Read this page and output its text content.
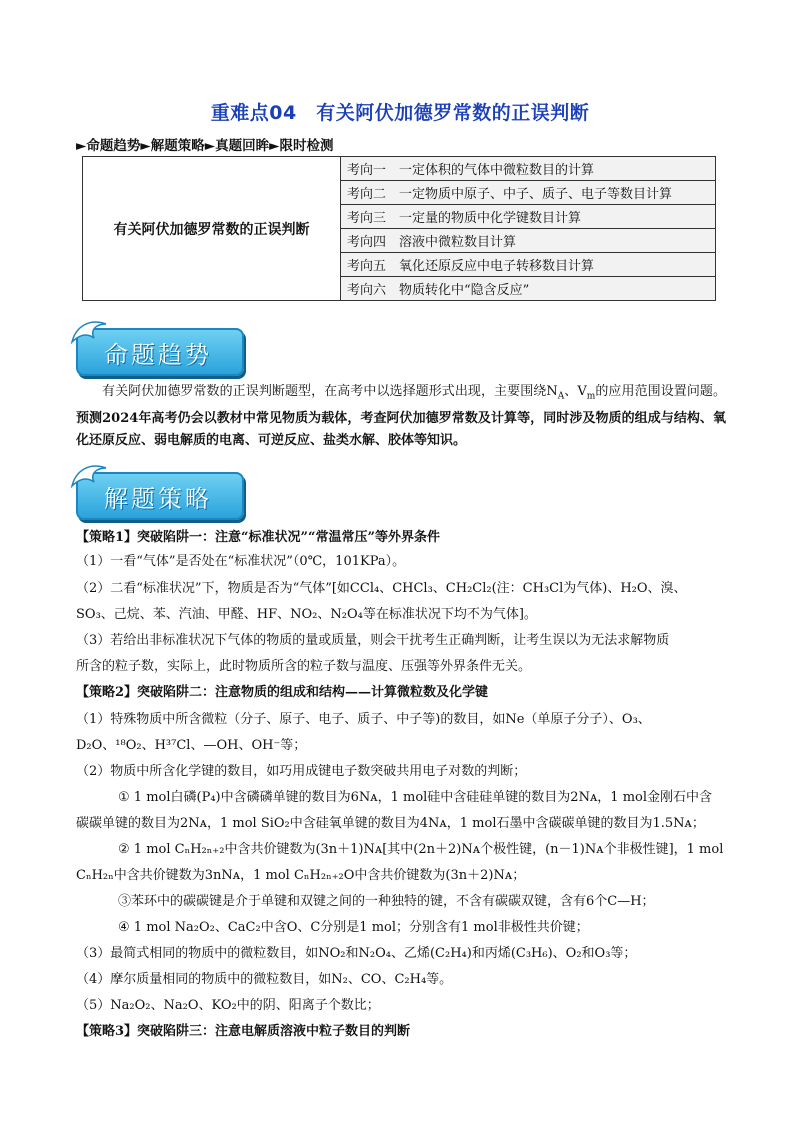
重难点04　有关阿伏加德罗常数的正误判断
►命题趋势►解题策略►真题回眸►限时检测
有关阿伏加德罗常数的正误判断	考向一　一定体积的气体中微粒数目的计算
考向二　一定物质中原子、中子、质子、电子等数目计算
考向三　一定量的物质中化学键数目计算
考向四　溶液中微粒数目计算
考向五　氧化还原反应中电子转移数目计算
考向六　物质转化中“隐含反应”
命题趋势
有关阿伏加德罗常数的正误判断题型，在高考中以选择题形式出现，主要围绕$N_A$、$V_m$的应用范围设置问题。预测2024年高考仍会以教材中常见物质为载体，考查阿伏加德罗常数及计算等，同时涉及物质的组成与结构、氧化还原反应、弱电解质的电离、可逆反应、盐类水解、胶体等知识。
解题策略
【策略1】突破陷阱一：注意“标准状况”“常温常压”等外界条件
（1）一看“气体”是否处在“标准状况”（0℃，101KPa）。
（2）二看“标准状况”下，物质是否为“气体”[如CCl₄、CHCl₃、CH₂Cl₂(注：CH₃Cl为气体)、H₂O、溴、
SO₃、己烷、苯、汽油、甲醛、HF、NO₂、N₂O₄等在标准状况下均不为气体]。
（3）若给出非标准状况下气体的物质的量或质量，则会干扰考生正确判断，让考生误以为无法求解物质
所含的粒子数，实际上，此时物质所含的粒子数与温度、压强等外界条件无关。
【策略2】突破陷阱二：注意物质的组成和结构——计算微粒数及化学键
（1）特殊物质中所含微粒（分子、原子、电子、质子、中子等)的数目，如Ne（单原子分子）、O₃、
D₂O、¹⁸O₂、H³⁷Cl、—OH、OH⁻等；
（2）物质中所含化学键的数目，如巧用成键电子数突破共用电子对数的判断；
① 1 mol白磷(P₄)中含磷磷单键的数目为6Nᴀ，1 mol硅中含硅硅单键的数目为2Nᴀ，1 mol金刚石中含
碳碳单键的数目为2Nᴀ，1 mol SiO₂中含硅氧单键的数目为4Nᴀ，1 mol石墨中含碳碳单键的数目为1.5Nᴀ；
② 1 mol CₙH₂ₙ₊₂中含共价键数为(3n＋1)Nᴀ[其中(2n＋2)Nᴀ个极性键，(n－1)Nᴀ个非极性键]，1 mol
CₙH₂ₙ中含共价键数为3nNᴀ，1 mol CₙH₂ₙ₊₂O中含共价键数为(3n＋2)Nᴀ；
③苯环中的碳碳键是介于单键和双键之间的一种独特的键，不含有碳碳双键，含有6个C—H；
④ 1 mol Na₂O₂、CaC₂中含O、C分别是1 mol；分别含有1 mol非极性共价键；
（3）最简式相同的物质中的微粒数目，如NO₂和N₂O₄、乙烯(C₂H₄)和丙烯(C₃H₆)、O₂和O₃等；
（4）摩尔质量相同的物质中的微粒数目，如N₂、CO、C₂H₄等。
（5）Na₂O₂、Na₂O、KO₂中的阴、阳离子个数比；
【策略3】突破陷阱三：注意电解质溶液中粒子数目的判断
